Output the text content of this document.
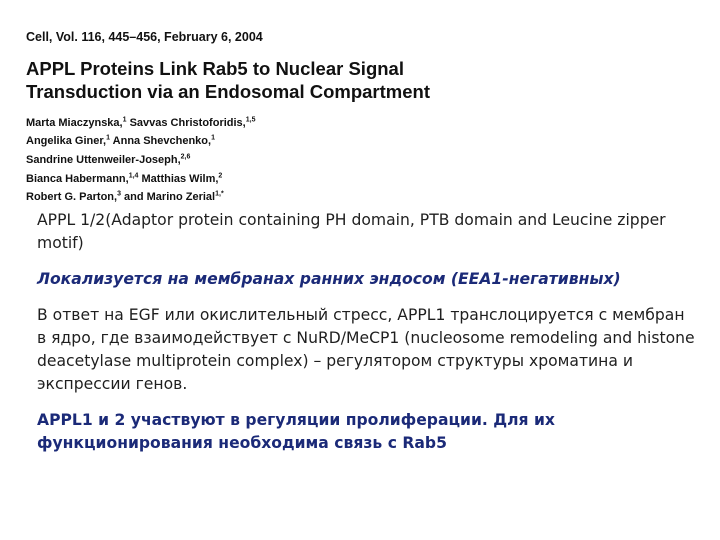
Cell, Vol. 116, 445–456, February 6, 2004
APPL Proteins Link Rab5 to Nuclear Signal
Transduction via an Endosomal Compartment
Marta Miaczynska,$^1$ Savvas Christoforidis,$^{1,5}$
Angelika Giner,$^1$ Anna Shevchenko,$^1$
Sandrine Uttenweiler-Joseph,$^{2,6}$
Bianca Habermann,$^{1,4}$ Matthias Wilm,$^2$
Robert G. Parton,$^3$ and Marino Zerial$^{1,*}$

APPL 1/2(Adaptor protein containing PH domain, PTB domain and Leucine zipper motif)

Локализуется на мембранах ранних эндосом (EEA1-негативных)

В ответ на EGF или окислительный стресс, APPL1 транслоцируется с мембран в ядро, где взаимодействует с NuRD/MeCP1 (nucleosome remodeling and histone deacetylase multiprotein complex) – регулятором структуры хроматина и экспрессии генов.

APPL1 и 2 участвуют в регуляции пролиферации. Для их функционирования необходима связь с Rab5
